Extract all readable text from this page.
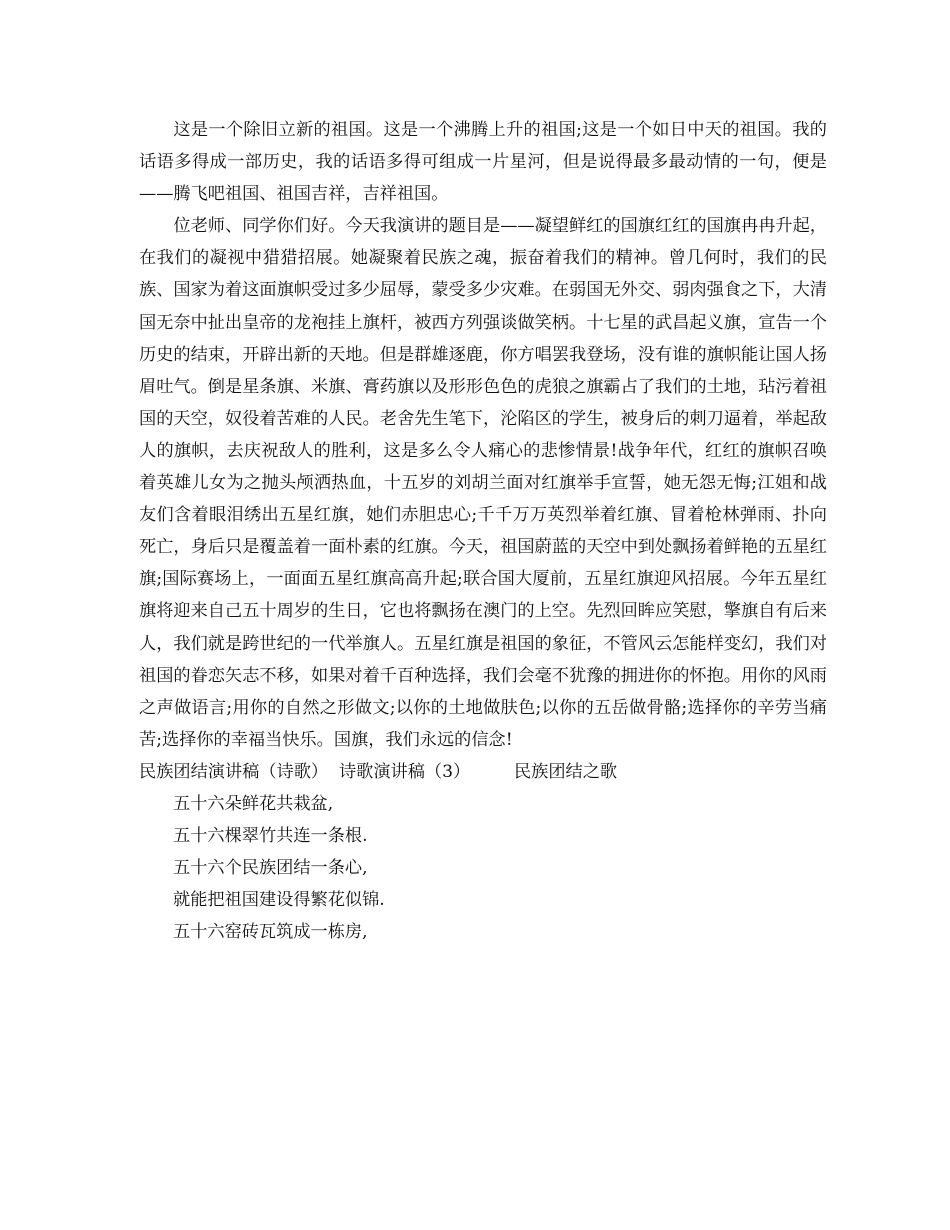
这是一个除旧立新的祖国。这是一个沸腾上升的祖国;这是一个如日中天的祖国。我的话语多得成一部历史，我的话语多得可组成一片星河，但是说得最多最动情的一句，便是——腾飞吧祖国、祖国吉祥，吉祥祖国。

位老师、同学你们好。今天我演讲的题目是——凝望鲜红的国旗红红的国旗冉冉升起，在我们的凝视中猎猎招展。她凝聚着民族之魂，振奋着我们的精神。曾几何时，我们的民族、国家为着这面旗帜受过多少屈辱，蒙受多少灾难。在弱国无外交、弱肉强食之下，大清国无奈中扯出皇帝的龙袍挂上旗杆，被西方列强谈做笑柄。十七星的武昌起义旗，宣告一个历史的结束，开辟出新的天地。但是群雄逐鹿，你方唱罢我登场，没有谁的旗帜能让国人扬眉吐气。倒是星条旗、米旗、膏药旗以及形形色色的虎狼之旗霸占了我们的土地，玷污着祖国的天空，奴役着苦难的人民。老舍先生笔下，沦陷区的学生，被身后的刺刀逼着，举起敌人的旗帜，去庆祝敌人的胜利，这是多么令人痛心的悲惨情景!战争年代，红红的旗帜召唤着英雄儿女为之抛头颅洒热血，十五岁的刘胡兰面对红旗举手宣誓，她无怨无悔;江姐和战友们含着眼泪绣出五星红旗，她们赤胆忠心;千千万万英烈举着红旗、冒着枪林弹雨、扑向死亡，身后只是覆盖着一面朴素的红旗。今天，祖国蔚蓝的天空中到处飘扬着鲜艳的五星红旗;国际赛场上，一面面五星红旗高高升起;联合国大厦前，五星红旗迎风招展。今年五星红旗将迎来自己五十周岁的生日，它也将飘扬在澳门的上空。先烈回眸应笑慰，擎旗自有后来人，我们就是跨世纪的一代举旗人。五星红旗是祖国的象征，不管风云怎能样变幻，我们对祖国的眷恋矢志不移，如果对着千百种选择，我们会毫不犹豫的拥进你的怀抱。用你的风雨之声做语言;用你的自然之形做文;以你的土地做肤色;以你的五岳做骨骼;选择你的辛劳当痛苦;选择你的幸福当快乐。国旗，我们永远的信念!

民族团结演讲稿（诗歌）  诗歌演讲稿（3）        民族团结之歌

五十六朵鲜花共栽盆,

五十六棵翠竹共连一条根.

五十六个民族团结一条心,

就能把祖国建设得繁花似锦.

五十六窑砖瓦筑成一栋房,
